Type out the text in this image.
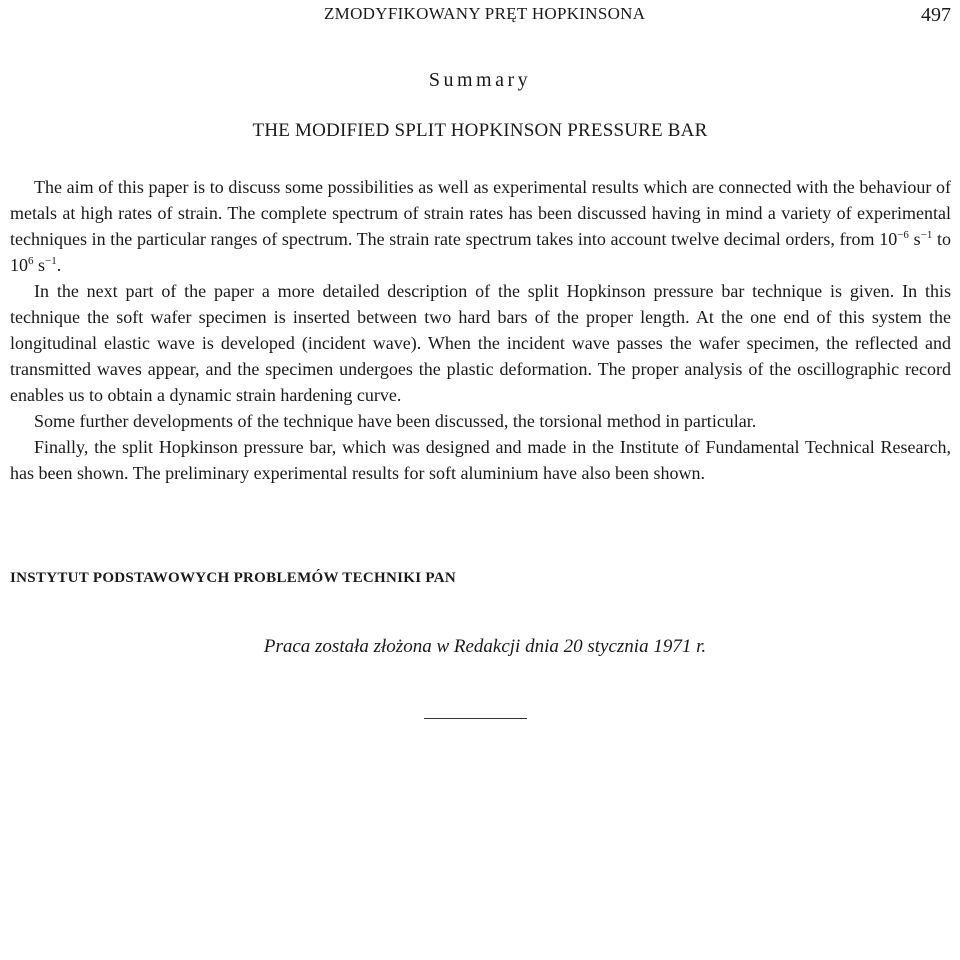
ZMODYFIKOWANY PRĘT HOPKINSONA	497
Summary
THE MODIFIED SPLIT HOPKINSON PRESSURE BAR

The aim of this paper is to discuss some possibilities as well as experimental results which are connected with the behaviour of metals at high rates of strain. The complete spectrum of strain rates has been discussed having in mind a variety of experimental techniques in the particular ranges of spectrum. The strain rate spectrum takes into account twelve decimal orders, from $10^{-6}$ $s^{-1}$ to $10^6$ $s^{-1}$.

In the next part of the paper a more detailed description of the split Hopkinson pressure bar technique is given. In this technique the soft wafer specimen is inserted between two hard bars of the proper length. At the one end of this system the longitudinal elastic wave is developed (incident wave). When the incident wave passes the wafer specimen, the reflected and transmitted waves appear, and the specimen undergoes the plastic deformation. The proper analysis of the oscillographic record enables us to obtain a dynamic strain hardening curve.

Some further developments of the technique have been discussed, the torsional method in particular.

Finally, the split Hopkinson pressure bar, which was designed and made in the Institute of Fundamental Technical Research, has been shown. The preliminary experimental results for soft aluminium have also been shown.

INSTYTUT PODSTAWOWYCH PROBLEMÓW TECHNIKI PAN
Praca została złożona w Redakcji dnia 20 stycznia 1971 r.
